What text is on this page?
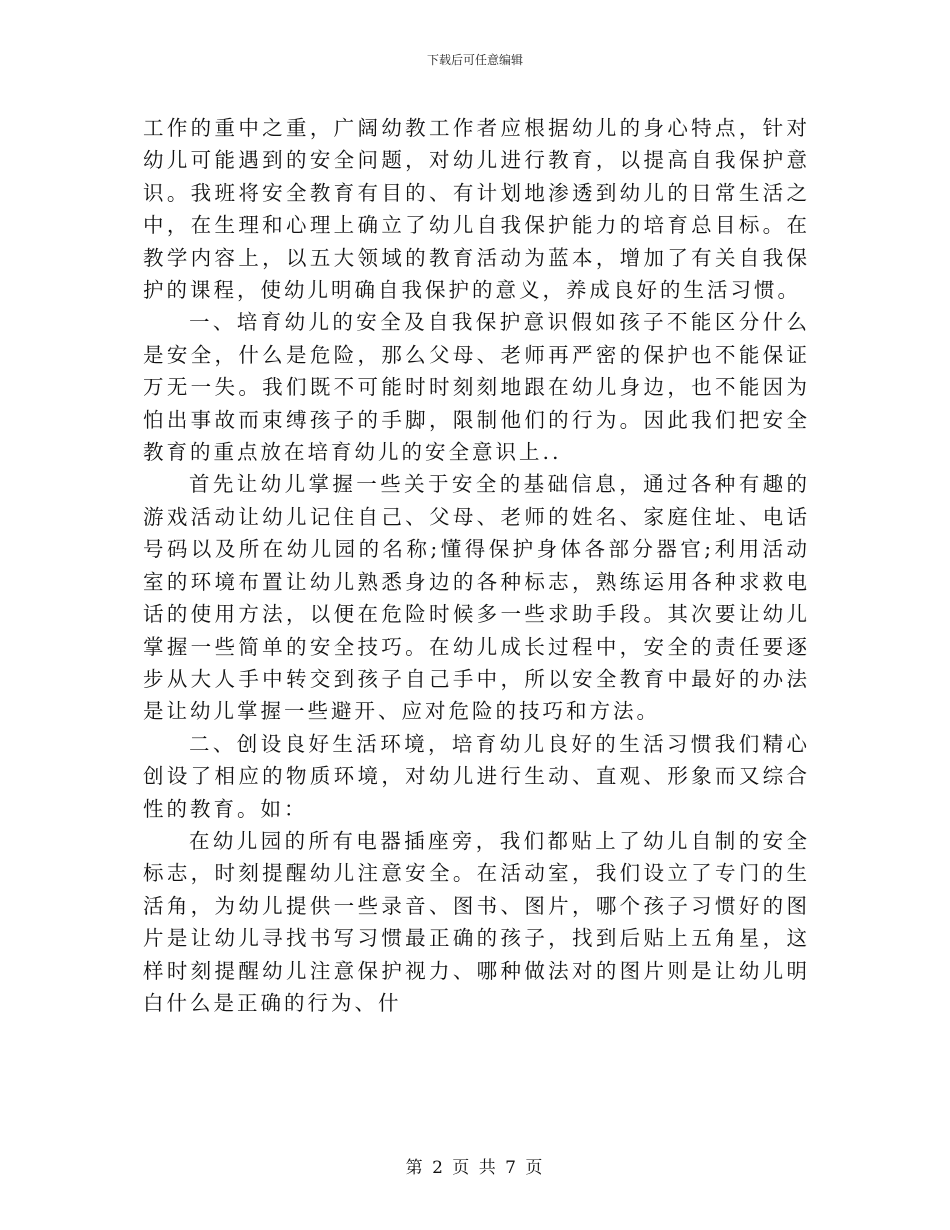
下载后可任意编辑

工作的重中之重，广阔幼教工作者应根据幼儿的身心特点，针对幼儿可能遇到的安全问题，对幼儿进行教育，以提高自我保护意识。我班将安全教育有目的、有计划地渗透到幼儿的日常生活之中，在生理和心理上确立了幼儿自我保护能力的培育总目标。在教学内容上，以五大领域的教育活动为蓝本，增加了有关自我保护的课程，使幼儿明确自我保护的意义，养成良好的生活习惯。

一、培育幼儿的安全及自我保护意识假如孩子不能区分什么是安全，什么是危险，那么父母、老师再严密的保护也不能保证万无一失。我们既不可能时时刻刻地跟在幼儿身边，也不能因为怕出事故而束缚孩子的手脚，限制他们的行为。因此我们把安全教育的重点放在培育幼儿的安全意识上..

首先让幼儿掌握一些关于安全的基础信息，通过各种有趣的游戏活动让幼儿记住自己、父母、老师的姓名、家庭住址、电话号码以及所在幼儿园的名称;懂得保护身体各部分器官;利用活动室的环境布置让幼儿熟悉身边的各种标志，熟练运用各种求救电话的使用方法，以便在危险时候多一些求助手段。其次要让幼儿掌握一些简单的安全技巧。在幼儿成长过程中，安全的责任要逐步从大人手中转交到孩子自己手中，所以安全教育中最好的办法是让幼儿掌握一些避开、应对危险的技巧和方法。

二、创设良好生活环境，培育幼儿良好的生活习惯我们精心创设了相应的物质环境，对幼儿进行生动、直观、形象而又综合性的教育。如：

在幼儿园的所有电器插座旁，我们都贴上了幼儿自制的安全标志，时刻提醒幼儿注意安全。在活动室，我们设立了专门的生活角，为幼儿提供一些录音、图书、图片，哪个孩子习惯好的图片是让幼儿寻找书写习惯最正确的孩子，找到后贴上五角星，这样时刻提醒幼儿注意保护视力、哪种做法对的图片则是让幼儿明白什么是正确的行为、什

第 2 页 共 7 页
